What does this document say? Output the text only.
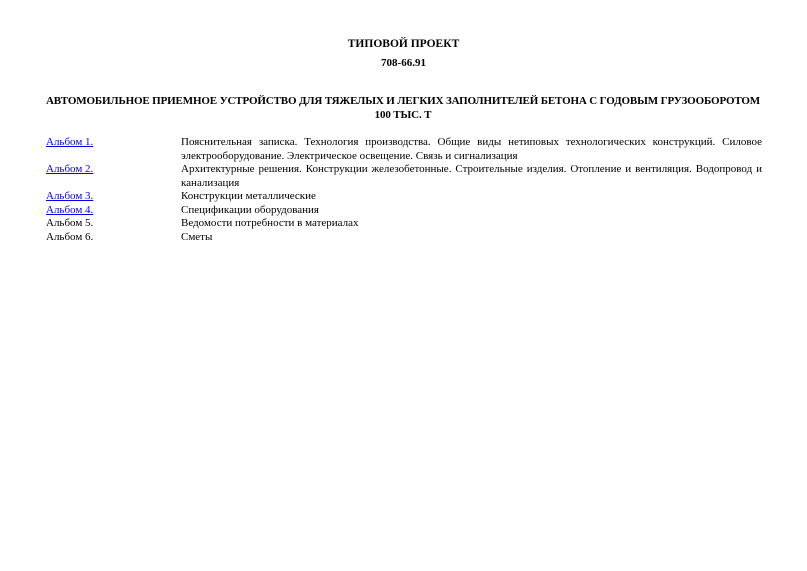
ТИПОВОЙ ПРОЕКТ
708-66.91
АВТОМОБИЛЬНОЕ ПРИЕМНОЕ УСТРОЙСТВО ДЛЯ ТЯЖЕЛЫХ И ЛЕГКИХ ЗАПОЛНИТЕЛЕЙ БЕТОНА С ГОДОВЫМ ГРУЗООБОРОТОМ 100 ТЫС. Т
Альбом 1.	Пояснительная записка. Технология производства. Общие виды нетиповых технологических конструкций. Силовое электрооборудование. Электрическое освещение. Связь и сигнализация
Альбом 2.	Архитектурные решения. Конструкции железобетонные. Строительные изделия. Отопление и вентиляция. Водопровод и канализация
Альбом 3.	Конструкции металлические
Альбом 4.	Спецификации оборудования
Альбом 5.	Ведомости потребности в материалах
Альбом 6.	Сметы
